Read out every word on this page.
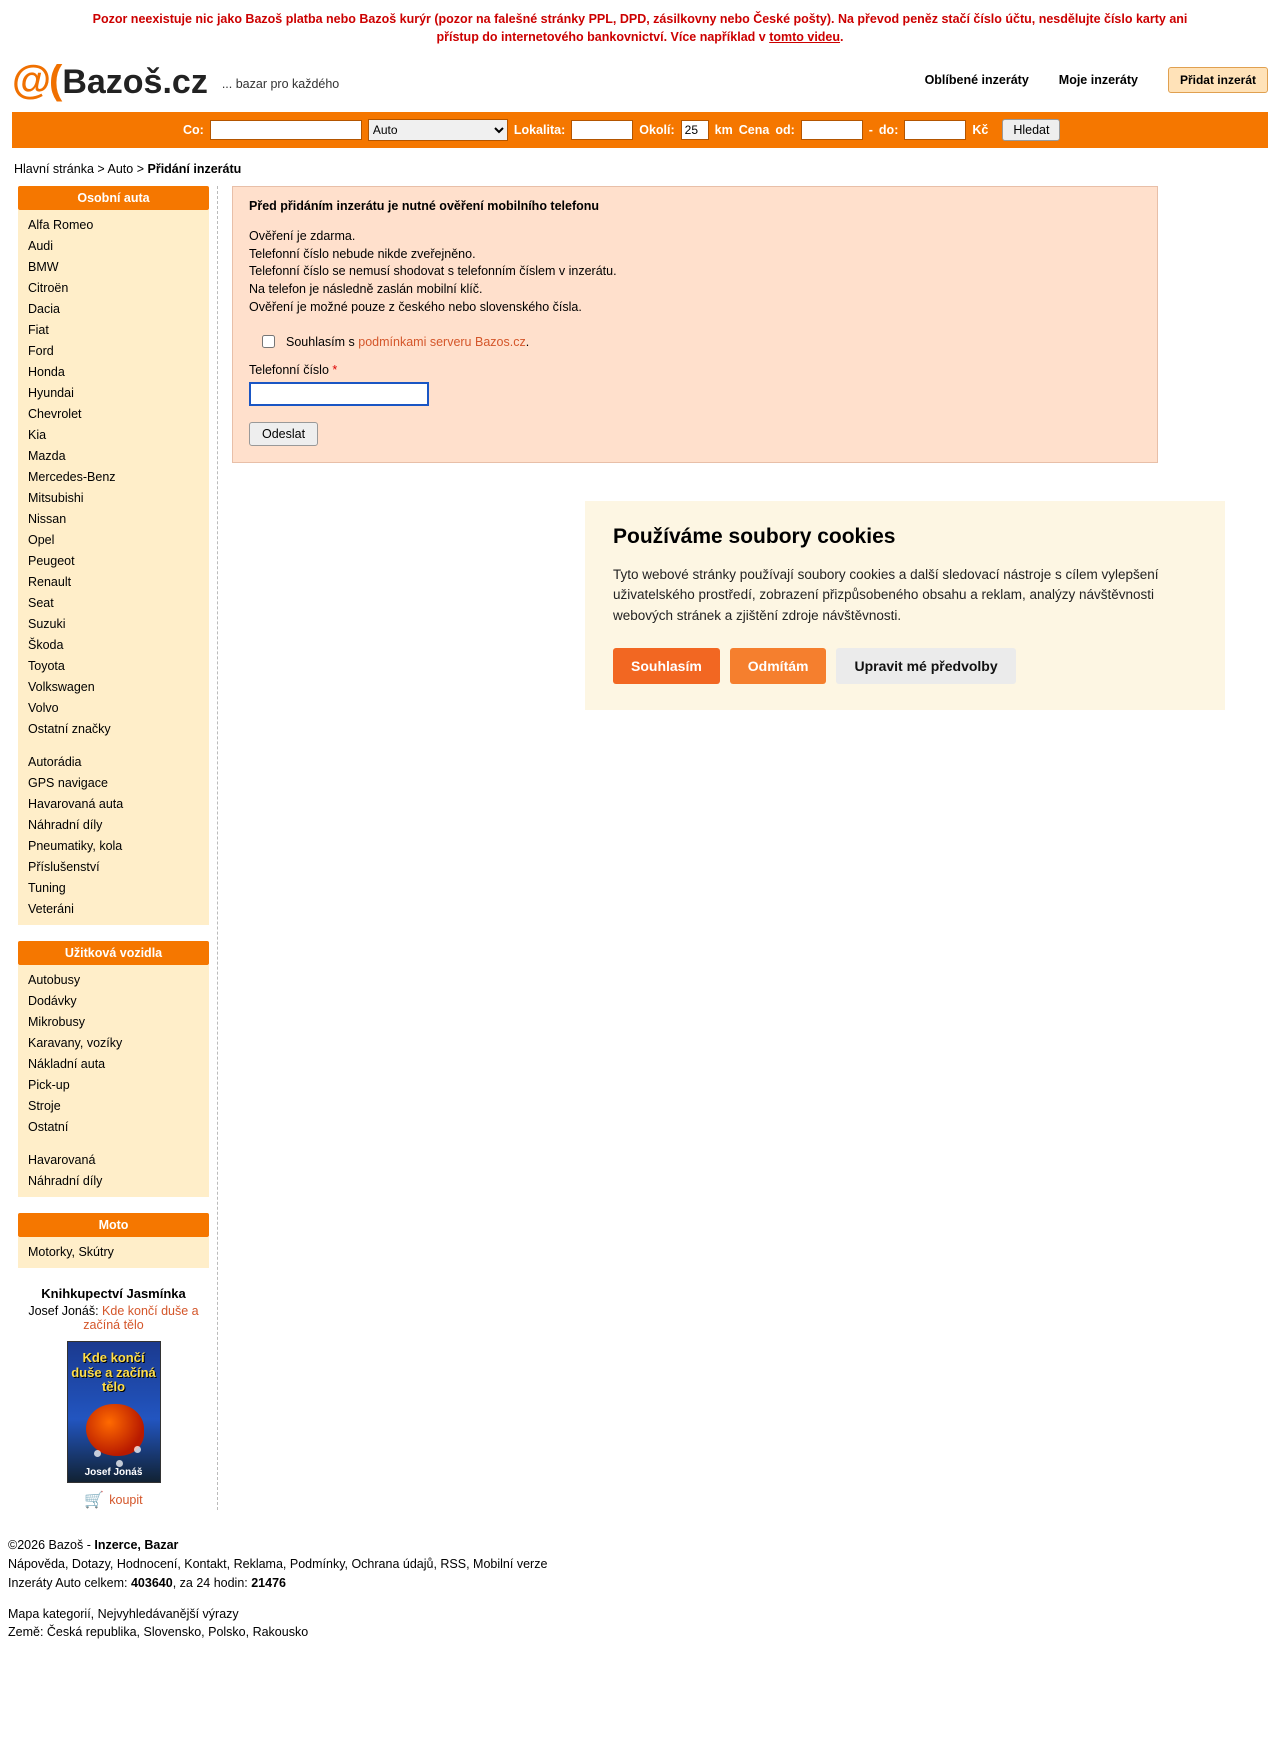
Pozor neexistuje nic jako Bazoš platba nebo Bazoš kurýr (pozor na falešné stránky PPL, DPD, zásilkovny nebo České pošty). Na převod peněz stačí číslo účtu, nesdělujte číslo karty ani přístup do internetového bankovnictví. Více například v tomto videu.
@( Bazoš.cz ... bazar pro každého	Oblíbené inzeráty Moje inzeráty	Přidat inzerát
Co:
Auto	Lokalita:	Okolí:
25	km Cena od:	- do:	Kč	Hledat
Hlavní stránka > Auto > Přidání inzerátu
Osobní auta
Alfa Romeo
Audi
BMW
Citroën
Dacia
Fiat
Ford
Honda
Hyundai
Chevrolet
Kia
Mazda
Mercedes-Benz
Mitsubishi
Nissan
Opel
Peugeot
Renault
Seat
Suzuki
Škoda
Toyota
Volkswagen
Volvo
Ostatní značky
Autorádia
GPS navigace
Havarovaná auta
Náhradní díly
Pneumatiky, kola
Příslušenství
Tuning
Veteráni
Užitková vozidla
Autobusy
Dodávky
Mikrobusy
Karavany, vozíky
Nákladní auta
Pick-up
Stroje
Ostatní
Havarovaná
Náhradní díly
Moto
Motorky, Skútry
Knihkupectví Jasmínka
Josef Jonáš: Kde končí duše a začíná tělo
Kde končí duše a začíná tělo
Josef Jonáš
🛒 koupit
Před přidáním inzerátu je nutné ověření mobilního telefonu
Ověření je zdarma.
Telefonní číslo nebude nikde zveřejněno.
Telefonní číslo se nemusí shodovat s telefonním číslem v inzerátu.
Na telefon je následně zaslán mobilní klíč.
Ověření je možné pouze z českého nebo slovenského čísla.
Souhlasím s podmínkami serveru Bazos.cz.
Telefonní číslo *
Odeslat
Používáme soubory cookies

Tyto webové stránky používají soubory cookies a další sledovací nástroje s cílem vylepšení uživatelského prostředí, zobrazení přizpůsobeného obsahu a reklam, analýzy návštěvnosti webových stránek a zjištění zdroje návštěvnosti.

Souhlasím	Odmítám	Upravit mé předvolby
©2026 Bazoš - Inzerce, Bazar
Nápověda, Dotazy, Hodnocení, Kontakt, Reklama, Podmínky, Ochrana údajů, RSS, Mobilní verze
Inzeráty Auto celkem: 403640, za 24 hodin: 21476
Mapa kategorií, Nejvyhledávanější výrazy
Země: Česká republika, Slovensko, Polsko, Rakousko
